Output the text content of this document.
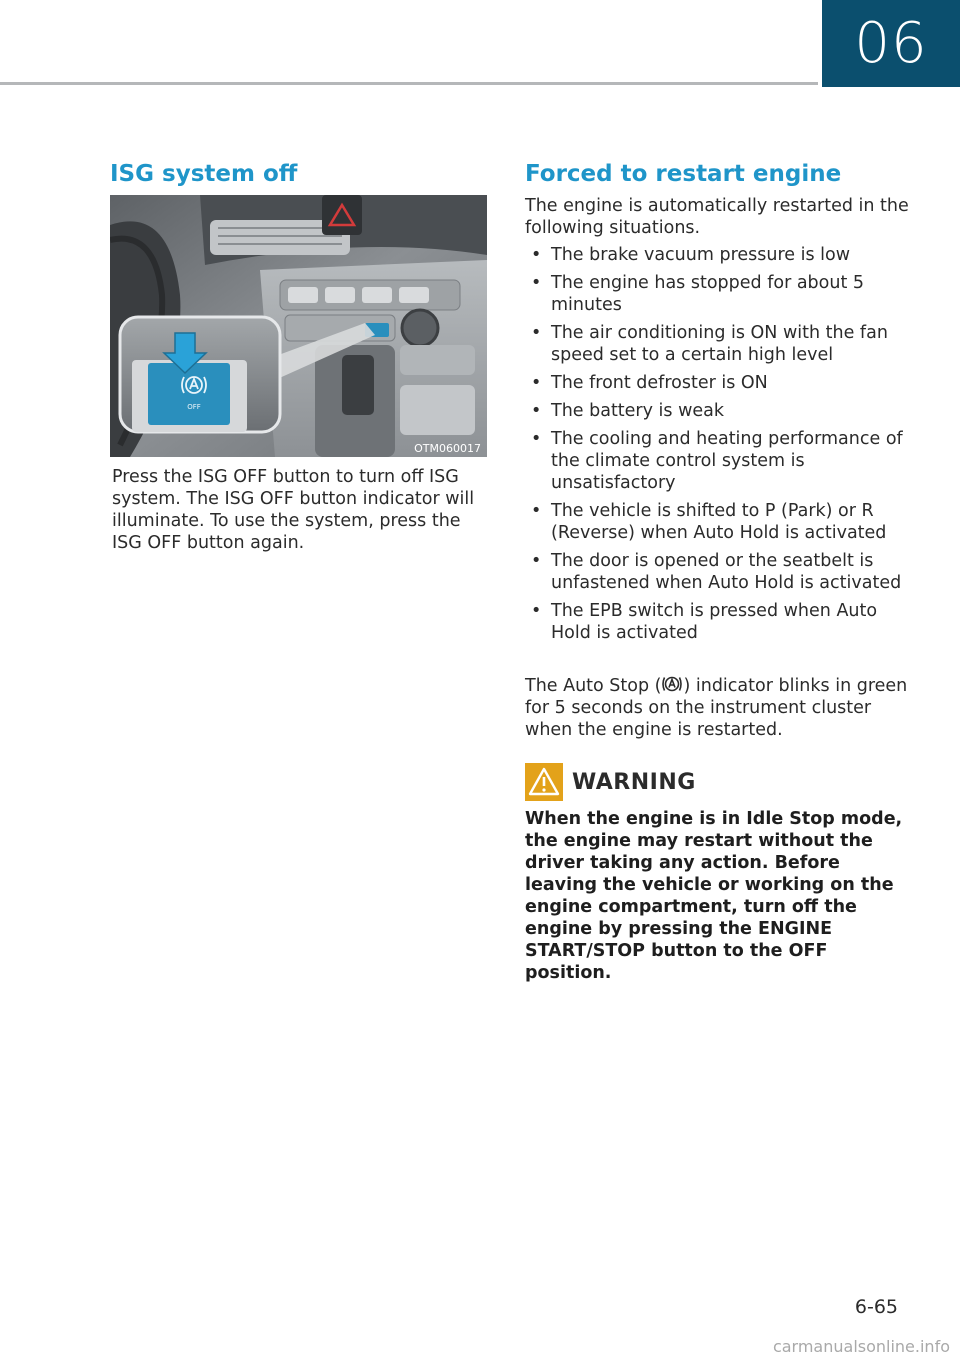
06
ISG system off
OFF
OTM060017

Press the ISG OFF button to turn off ISG system. The ISG OFF button indicator will illuminate. To use the system, press the ISG OFF button again.

Forced to restart engine

The engine is automatically restarted in the following situations.

• The brake vacuum pressure is low
• The engine has stopped for about 5 minutes
• The air conditioning is ON with the fan speed set to a certain high level
• The front defroster is ON
• The battery is weak
• The cooling and heating performance of the climate control system is unsatisfactory
• The vehicle is shifted to P (Park) or R (Reverse) when Auto Hold is activated
• The door is opened or the seatbelt is unfastened when Auto Hold is activated
• The EPB switch is pressed when Auto Hold is activated

The Auto Stop ( ) indicator blinks in green for 5 seconds on the instrument cluster when the engine is restarted.

WARNING

When the engine is in Idle Stop mode, the engine may restart without the driver taking any action. Before leaving the vehicle or working on the engine compartment, turn off the engine by pressing the ENGINE START/STOP button to the OFF position.

6-65
carmanualsonline.info
